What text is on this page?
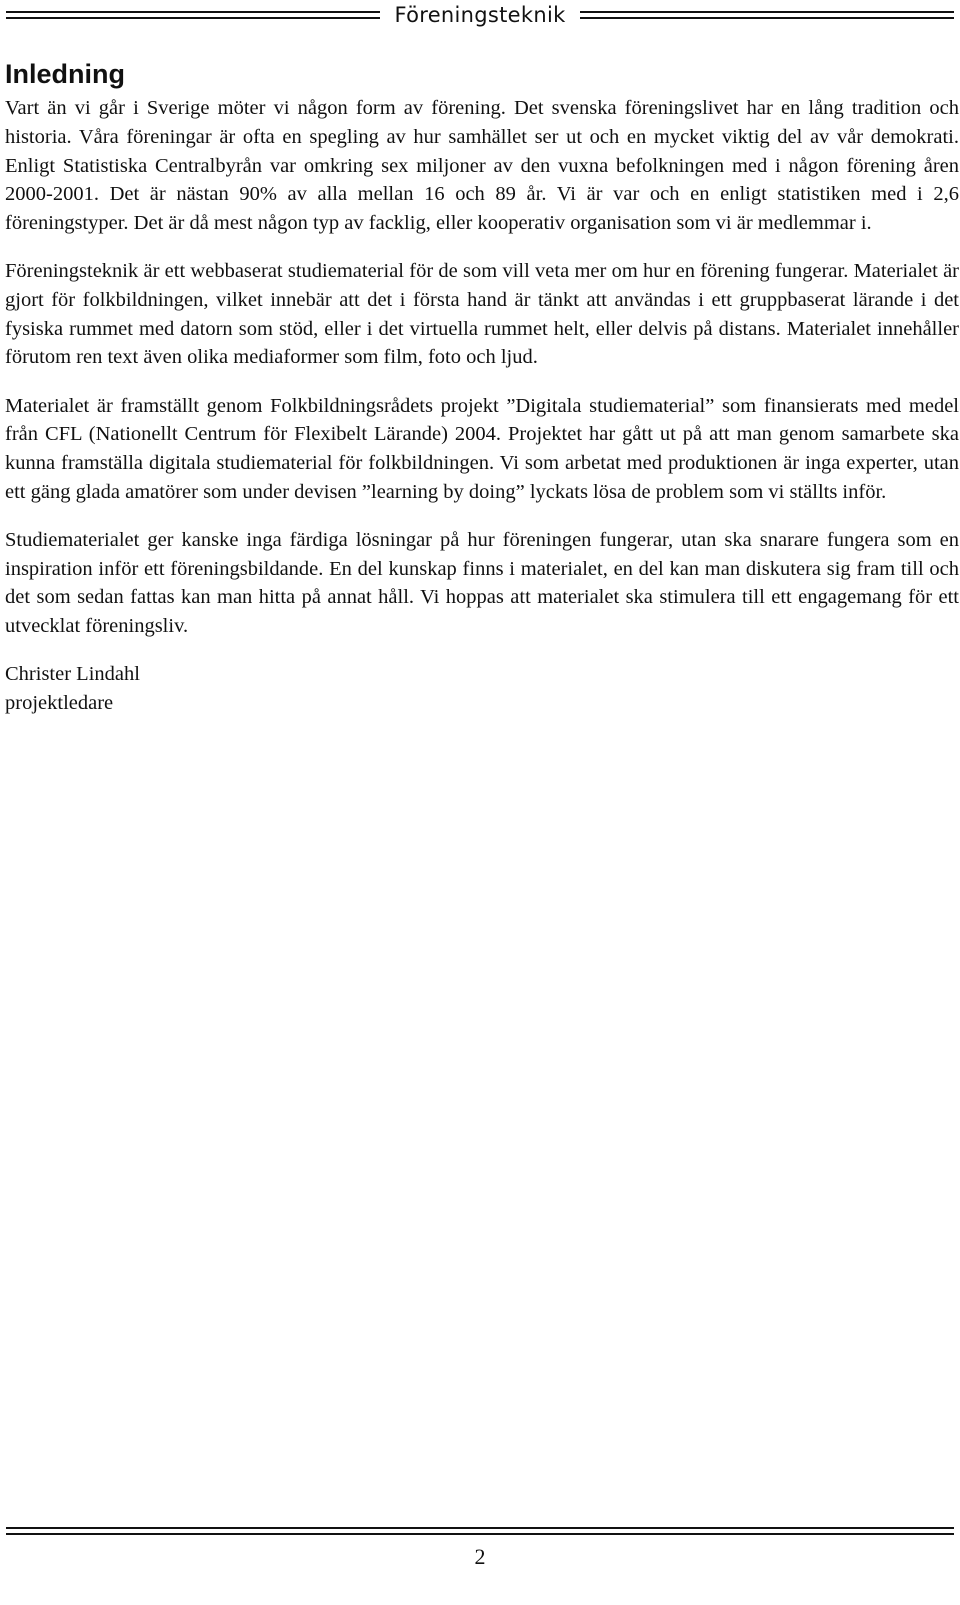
Föreningsteknik
Inledning

Vart än vi går i Sverige möter vi någon form av förening. Det svenska föreningslivet har en lång tradition och historia. Våra föreningar är ofta en spegling av hur samhället ser ut och en mycket viktig del av vår demokrati. Enligt Statistiska Centralbyrån var omkring sex miljoner av den vuxna befolkningen med i någon förening åren 2000-2001. Det är nästan 90% av alla mellan 16 och 89 år. Vi är var och en enligt statistiken med i 2,6 föreningstyper. Det är då mest någon typ av facklig, eller kooperativ organisation som vi är medlemmar i.

Föreningsteknik är ett webbaserat studiematerial för de som vill veta mer om hur en förening fungerar. Materialet är gjort för folkbildningen, vilket innebär att det i första hand är tänkt att användas i ett gruppbaserat lärande i det fysiska rummet med datorn som stöd, eller i det virtuella rummet helt, eller delvis på distans. Materialet innehåller förutom ren text även olika mediaformer som film, foto och ljud.

Materialet är framställt genom Folkbildningsrådets projekt ”Digitala studiematerial” som finansierats med medel från CFL (Nationellt Centrum för Flexibelt Lärande) 2004. Projektet har gått ut på att man genom samarbete ska kunna framställa digitala studiematerial för folkbildningen. Vi som arbetat med produktionen är inga experter, utan ett gäng glada amatörer som under devisen ”learning by doing” lyckats lösa de problem som vi ställts inför.

Studiematerialet ger kanske inga färdiga lösningar på hur föreningen fungerar, utan ska snarare fungera som en inspiration inför ett föreningsbildande. En del kunskap finns i materialet, en del kan man diskutera sig fram till och det som sedan fattas kan man hitta på annat håll. Vi hoppas att materialet ska stimulera till ett engagemang för ett utvecklat föreningsliv.

Christer Lindahl
projektledare

2
